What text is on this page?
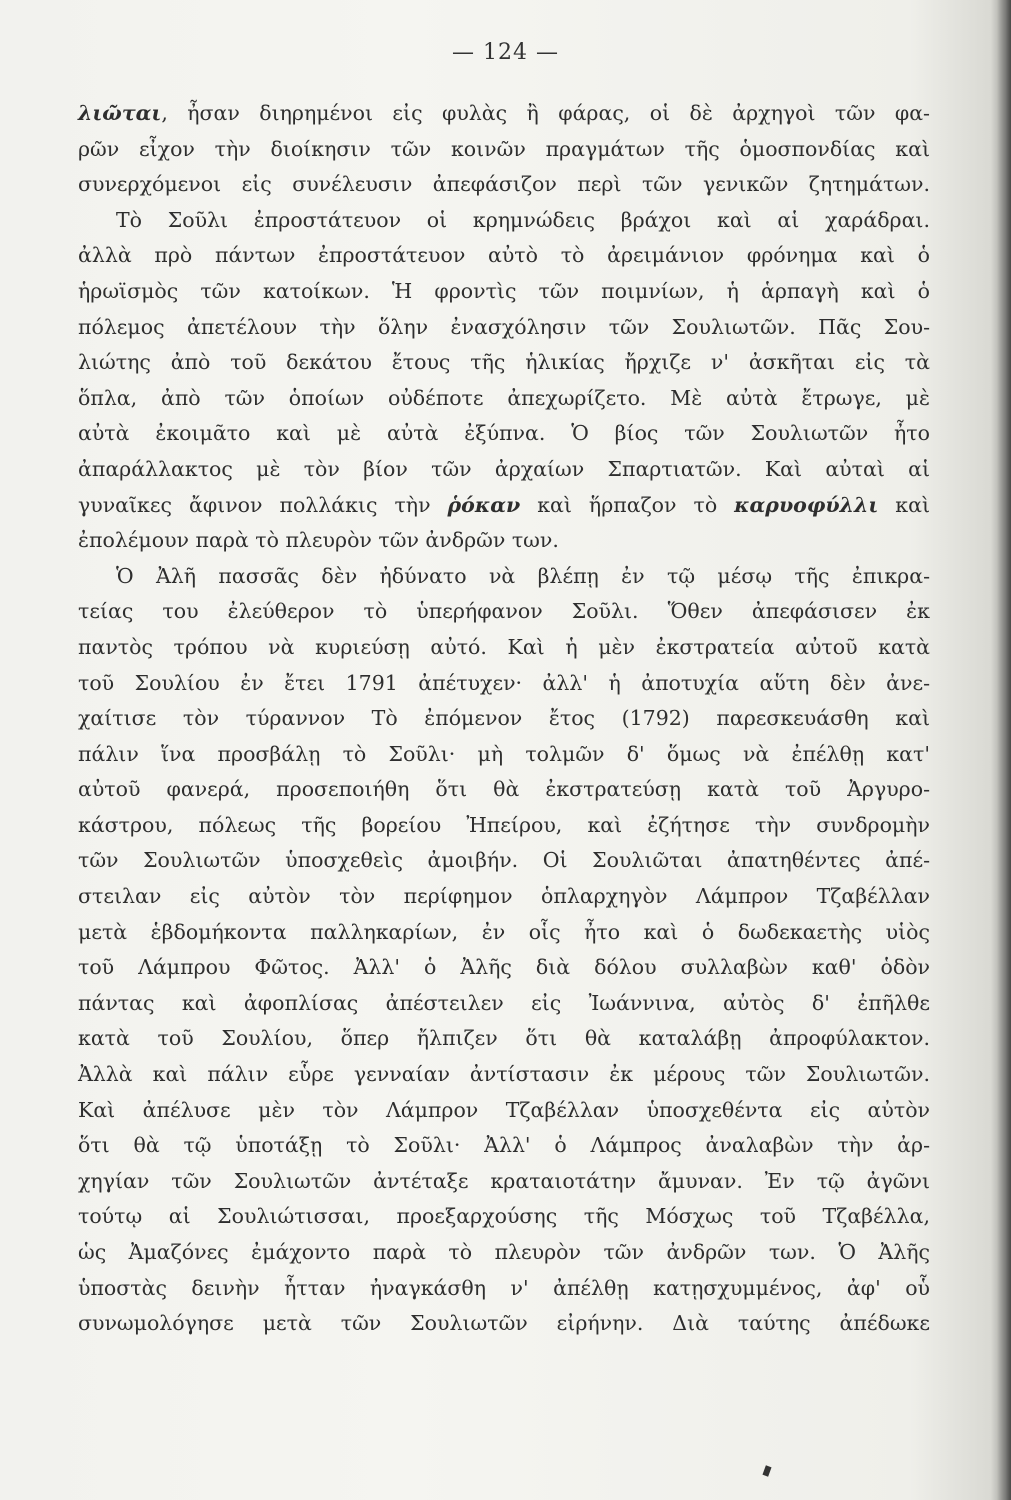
— 124 —
λιῶται, ἦσαν διηρημένοι εἰς φυλὰς ἢ φάρας, οἱ δὲ ἀρχηγοὶ τῶν φα-
ρῶν εἶχον τὴν διοίκησιν τῶν κοινῶν πραγμάτων τῆς ὁμοσπονδίας καὶ
συνερχόμενοι εἰς συνέλευσιν ἀπεφάσιζον περὶ τῶν γενικῶν ζητημάτων.
Τὸ Σοῦλι ἐπροστάτευον οἱ κρημνώδεις βράχοι καὶ αἱ χαράδραι.
ἀλλὰ πρὸ πάντων ἐπροστάτευον αὐτὸ τὸ ἀρειμάνιον φρόνημα καὶ ὁ
ἡρωϊσμὸς τῶν κατοίκων. Ἡ φροντὶς τῶν ποιμνίων, ἡ ἁρπαγὴ καὶ ὁ
πόλεμος ἀπετέλουν τὴν ὅλην ἐνασχόλησιν τῶν Σουλιωτῶν. Πᾶς Σου-
λιώτης ἀπὸ τοῦ δεκάτου ἔτους τῆς ἡλικίας ἤρχιζε ν' ἀσκῆται εἰς τὰ
ὅπλα, ἀπὸ τῶν ὁποίων οὐδέποτε ἀπεχωρίζετο. Μὲ αὐτὰ ἔτρωγε, μὲ
αὐτὰ ἐκοιμᾶτο καὶ μὲ αὐτὰ ἐξύπνα. Ὁ βίος τῶν Σουλιωτῶν ἦτο
ἀπαράλλακτος μὲ τὸν βίον τῶν ἀρχαίων Σπαρτιατῶν. Καὶ αὐταὶ αἱ
γυναῖκες ἄφινον πολλάκις τὴν ῥόκαν καὶ ἥρπαζον τὸ καρυοφύλλι καὶ
ἐπολέμουν παρὰ τὸ πλευρὸν τῶν ἀνδρῶν των.
Ὁ Ἀλῆ πασσᾶς δὲν ἠδύνατο νὰ βλέπῃ ἐν τῷ μέσῳ τῆς ἐπικρα-
τείας του ἐλεύθερον τὸ ὑπερήφανον Σοῦλι. Ὅθεν ἀπεφάσισεν ἐκ
παντὸς τρόπου νὰ κυριεύσῃ αὐτό. Καὶ ἡ μὲν ἐκστρατεία αὐτοῦ κατὰ
τοῦ Σουλίου ἐν ἔτει 1791 ἀπέτυχεν· ἀλλ' ἡ ἀποτυχία αὕτη δὲν ἀνε-
χαίτισε τὸν τύραννον Τὸ ἐπόμενον ἔτος (1792) παρεσκευάσθη καὶ
πάλιν ἵνα προσβάλῃ τὸ Σοῦλι· μὴ τολμῶν δ' ὅμως νὰ ἐπέλθῃ κατ'
αὐτοῦ φανερά, προσεποιήθη ὅτι θὰ ἐκστρατεύσῃ κατὰ τοῦ Ἀργυρο-
κάστρου, πόλεως τῆς βορείου Ἠπείρου, καὶ ἐζήτησε τὴν συνδρομὴν
τῶν Σουλιωτῶν ὑποσχεθεὶς ἀμοιβήν. Οἱ Σουλιῶται ἀπατηθέντες ἀπέ-
στειλαν εἰς αὐτὸν τὸν περίφημον ὁπλαρχηγὸν Λάμπρον Τζαβέλλαν
μετὰ ἑβδομήκοντα παλληκαρίων, ἐν οἷς ἦτο καὶ ὁ δωδεκαετὴς υἱὸς
τοῦ Λάμπρου Φῶτος. Ἀλλ' ὁ Ἀλῆς διὰ δόλου συλλαβὼν καθ' ὁδὸν
πάντας καὶ ἀφοπλίσας ἀπέστειλεν εἰς Ἰωάννινα, αὐτὸς δ' ἐπῆλθε
κατὰ τοῦ Σουλίου, ὅπερ ἤλπιζεν ὅτι θὰ καταλάβῃ ἀπροφύλακτον.
Ἀλλὰ καὶ πάλιν εὗρε γενναίαν ἀντίστασιν ἐκ μέρους τῶν Σουλιωτῶν.
Καὶ ἀπέλυσε μὲν τὸν Λάμπρον Τζαβέλλαν ὑποσχεθέντα εἰς αὐτὸν
ὅτι θὰ τῷ ὑποτάξῃ τὸ Σοῦλι· Ἀλλ' ὁ Λάμπρος ἀναλαβὼν τὴν ἀρ-
χηγίαν τῶν Σουλιωτῶν ἀντέταξε κραταιοτάτην ἄμυναν. Ἐν τῷ ἀγῶνι
τούτῳ αἱ Σουλιώτισσαι, προεξαρχούσης τῆς Μόσχως τοῦ Τζαβέλλα,
ὡς Ἀμαζόνες ἐμάχοντο παρὰ τὸ πλευρὸν τῶν ἀνδρῶν των. Ὁ Ἀλῆς
ὑποστὰς δεινὴν ἧτταν ἠναγκάσθη ν' ἀπέλθῃ κατῃσχυμμένος, ἀφ' οὗ
συνωμολόγησε μετὰ τῶν Σουλιωτῶν εἰρήνην. Διὰ ταύτης ἀπέδωκε
